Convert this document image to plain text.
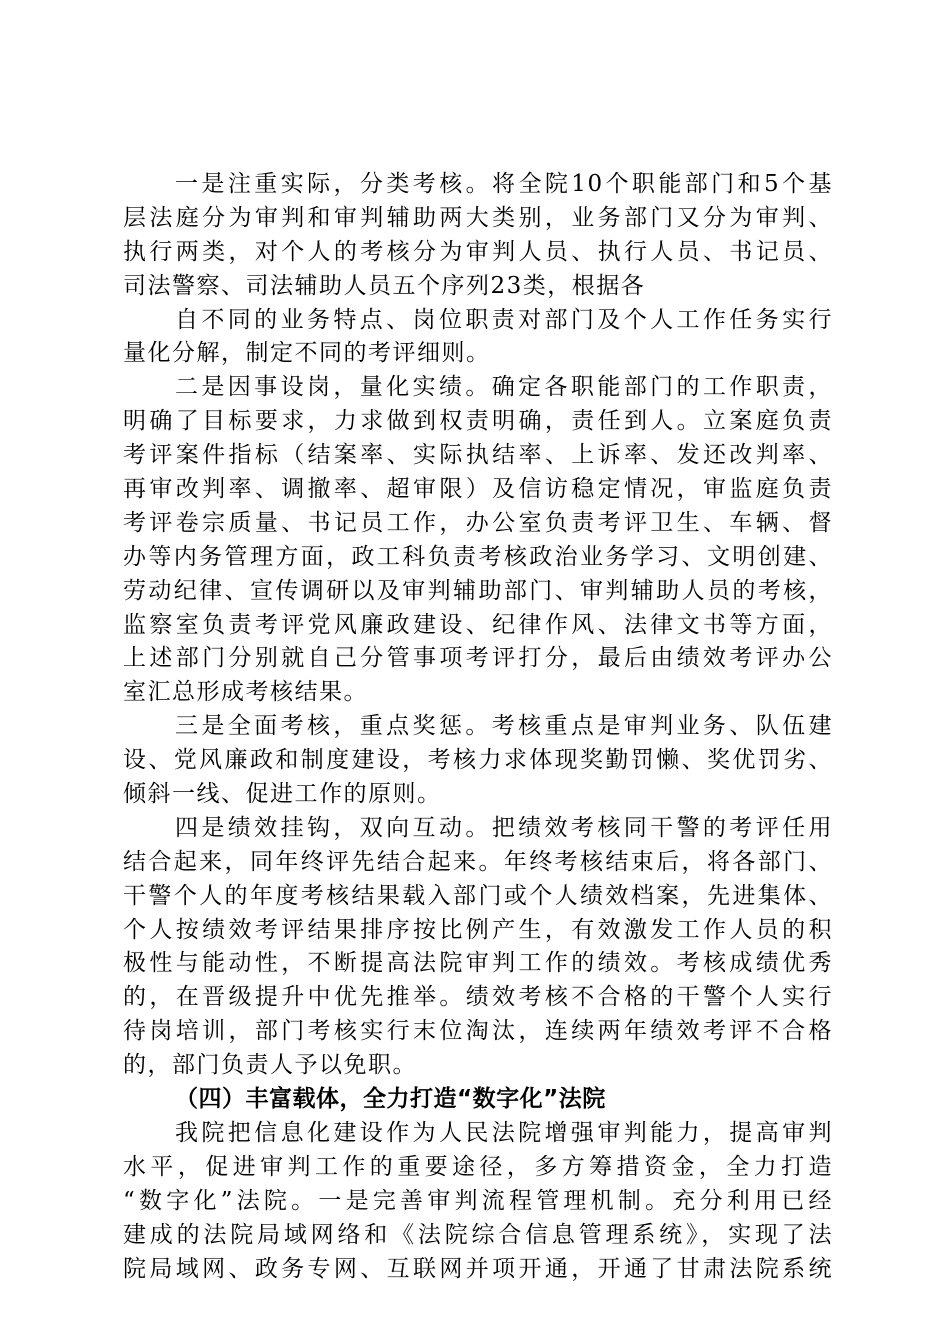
一是注重实际，分类考核。将全院10个职能部门和5个基
层法庭分为审判和审判辅助两大类别，业务部门又分为审判、
执行两类，对个人的考核分为审判人员、执行人员、书记员、
司法警察、司法辅助人员五个序列23类，根据各
自不同的业务特点、岗位职责对部门及个人工作任务实行
量化分解，制定不同的考评细则。
二是因事设岗，量化实绩。确定各职能部门的工作职责，
明确了目标要求，力求做到权责明确，责任到人。立案庭负责
考评案件指标（结案率、实际执结率、上诉率、发还改判率、
再审改判率、调撤率、超审限）及信访稳定情况，审监庭负责
考评卷宗质量、书记员工作，办公室负责考评卫生、车辆、督
办等内务管理方面，政工科负责考核政治业务学习、文明创建、
劳动纪律、宣传调研以及审判辅助部门、审判辅助人员的考核，
监察室负责考评党风廉政建设、纪律作风、法律文书等方面，
上述部门分别就自己分管事项考评打分，最后由绩效考评办公
室汇总形成考核结果。
三是全面考核，重点奖惩。考核重点是审判业务、队伍建
设、党风廉政和制度建设，考核力求体现奖勤罚懒、奖优罚劣、
倾斜一线、促进工作的原则。
四是绩效挂钩，双向互动。把绩效考核同干警的考评任用
结合起来，同年终评先结合起来。年终考核结束后，将各部门、
干警个人的年度考核结果载入部门或个人绩效档案，先进集体、
个人按绩效考评结果排序按比例产生，有效激发工作人员的积
极性与能动性，不断提高法院审判工作的绩效。考核成绩优秀
的，在晋级提升中优先推举。绩效考核不合格的干警个人实行
待岗培训，部门考核实行末位淘汰，连续两年绩效考评不合格
的，部门负责人予以免职。
（四）丰富载体，全力打造“数字化”法院
我院把信息化建设作为人民法院增强审判能力，提高审判
水平，促进审判工作的重要途径，多方筹措资金，全力打造
“数字化”法院。一是完善审判流程管理机制。充分利用已经
建成的法院局域网络和《法院综合信息管理系统》，实现了法
院局域网、政务专网、互联网并项开通，开通了甘肃法院系统
